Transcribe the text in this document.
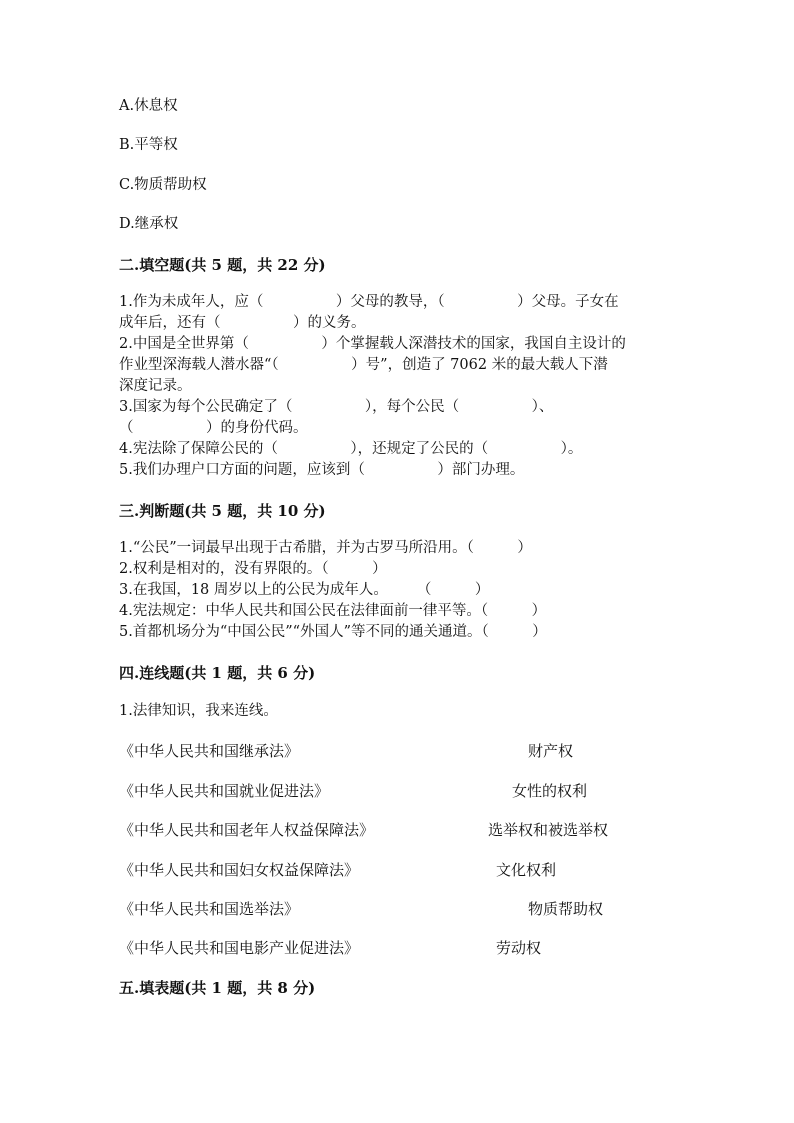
A.休息权
B.平等权
C.物质帮助权
D.继承权
二.填空题(共 5 题，共 22 分)
1.作为未成年人，应（　　　　　）父母的教导，（　　　　　）父母。子女在
成年后，还有（　　　　　）的义务。
2.中国是全世界第（　　　　　）个掌握载人深潜技术的国家，我国自主设计的
作业型深海载人潜水器“（　　　　　）号”，创造了 7062 米的最大载人下潜
深度记录。
3.国家为每个公民确定了（　　　　　），每个公民（　　　　　）、
（　　　　　）的身份代码。
4.宪法除了保障公民的（　　　　　），还规定了公民的（　　　　　）。
5.我们办理户口方面的问题，应该到（　　　　　）部门办理。
三.判断题(共 5 题，共 10 分)
1.“公民”一词最早出现于古希腊，并为古罗马所沿用。（　　　）
2.权利是相对的，没有界限的。（　　　）
3.在我国，18 周岁以上的公民为成年人。　　　（　　　）
4.宪法规定：中华人民共和国公民在法律面前一律平等。（　　　）
5.首都机场分为“中国公民”“外国人”等不同的通关通道。（　　　）
四.连线题(共 1 题，共 6 分)
1.法律知识，我来连线。
《中华人民共和国继承法》	财产权
《中华人民共和国就业促进法》	女性的权利
《中华人民共和国老年人权益保障法》	选举权和被选举权
《中华人民共和国妇女权益保障法》	文化权利
《中华人民共和国选举法》	物质帮助权
《中华人民共和国电影产业促进法》	劳动权
五.填表题(共 1 题，共 8 分)
